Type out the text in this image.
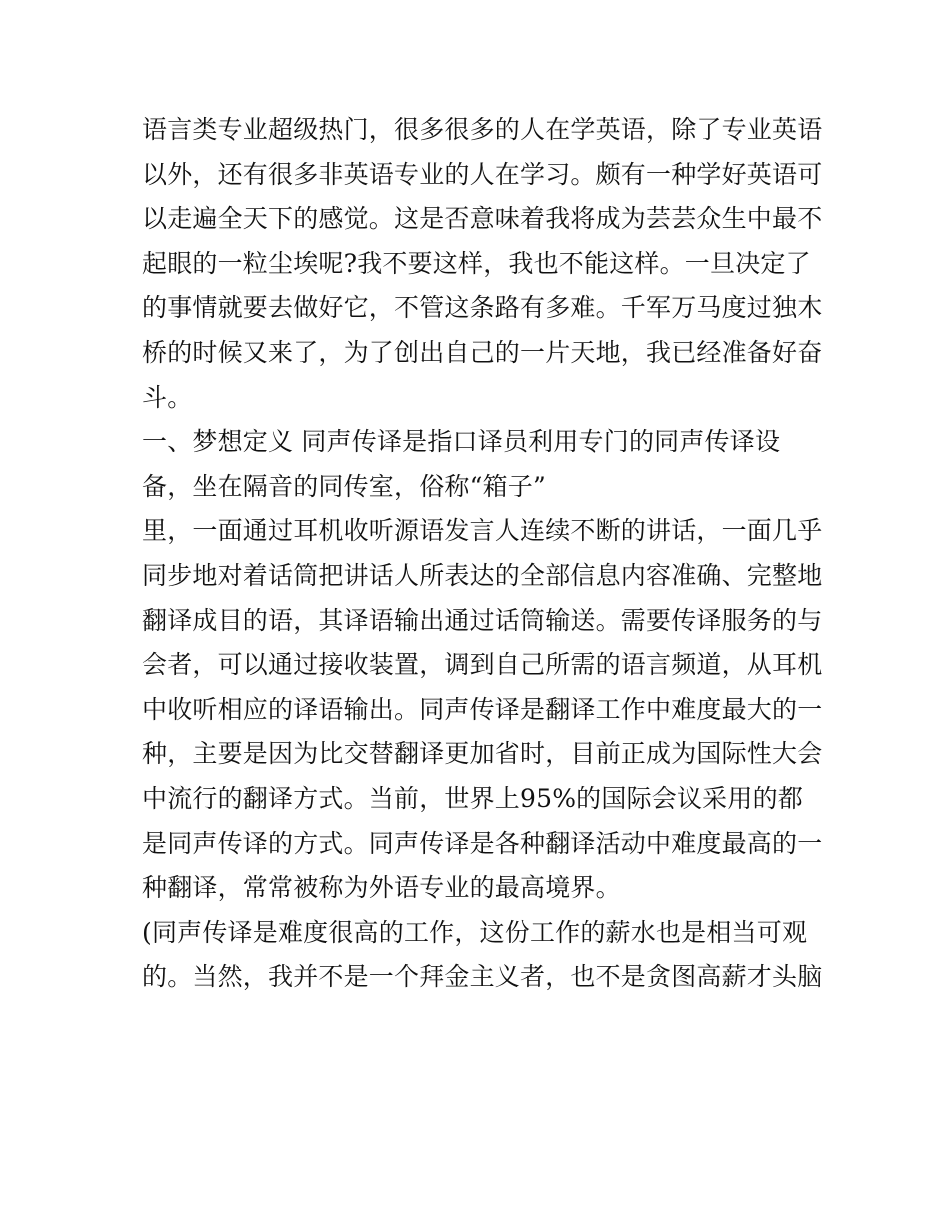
语言类专业超级热门，很多很多的人在学英语，除了专业英语
以外，还有很多非英语专业的人在学习。颇有一种学好英语可
以走遍全天下的感觉。这是否意味着我将成为芸芸众生中最不
起眼的一粒尘埃呢?我不要这样，我也不能这样。一旦决定了
的事情就要去做好它，不管这条路有多难。千军万马度过独木
桥的时候又来了，为了创出自己的一片天地，我已经准备好奋
斗。
一、梦想定义 同声传译是指口译员利用专门的同声传译设
备，坐在隔音的同传室，俗称“箱子”
里，一面通过耳机收听源语发言人连续不断的讲话，一面几乎
同步地对着话筒把讲话人所表达的全部信息内容准确、完整地
翻译成目的语，其译语输出通过话筒输送。需要传译服务的与
会者，可以通过接收装置，调到自己所需的语言频道，从耳机
中收听相应的译语输出。同声传译是翻译工作中难度最大的一
种，主要是因为比交替翻译更加省时，目前正成为国际性大会
中流行的翻译方式。当前，世界上95%的国际会议采用的都
是同声传译的方式。同声传译是各种翻译活动中难度最高的一
种翻译，常常被称为外语专业的最高境界。
(同声传译是难度很高的工作，这份工作的薪水也是相当可观
的。当然，我并不是一个拜金主义者，也不是贪图高薪才头脑
